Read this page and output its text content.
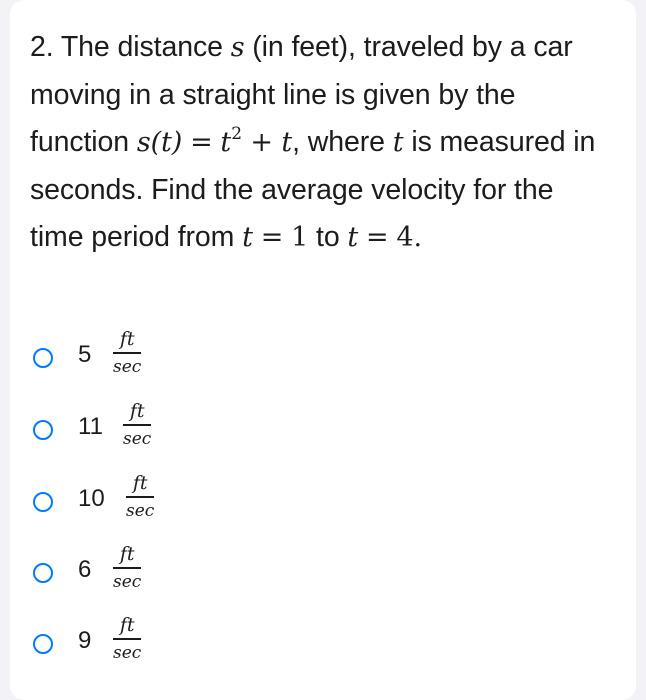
2. The distance s (in feet), traveled by a car moving in a straight line is given by the function $s(t) = t^2 + t$, where t is measured in seconds. Find the average velocity for the time period from t = 1 to t = 4.
5
ft
sec
11
ft
sec
10
ft
sec
6
ft
sec
9
ft
sec
